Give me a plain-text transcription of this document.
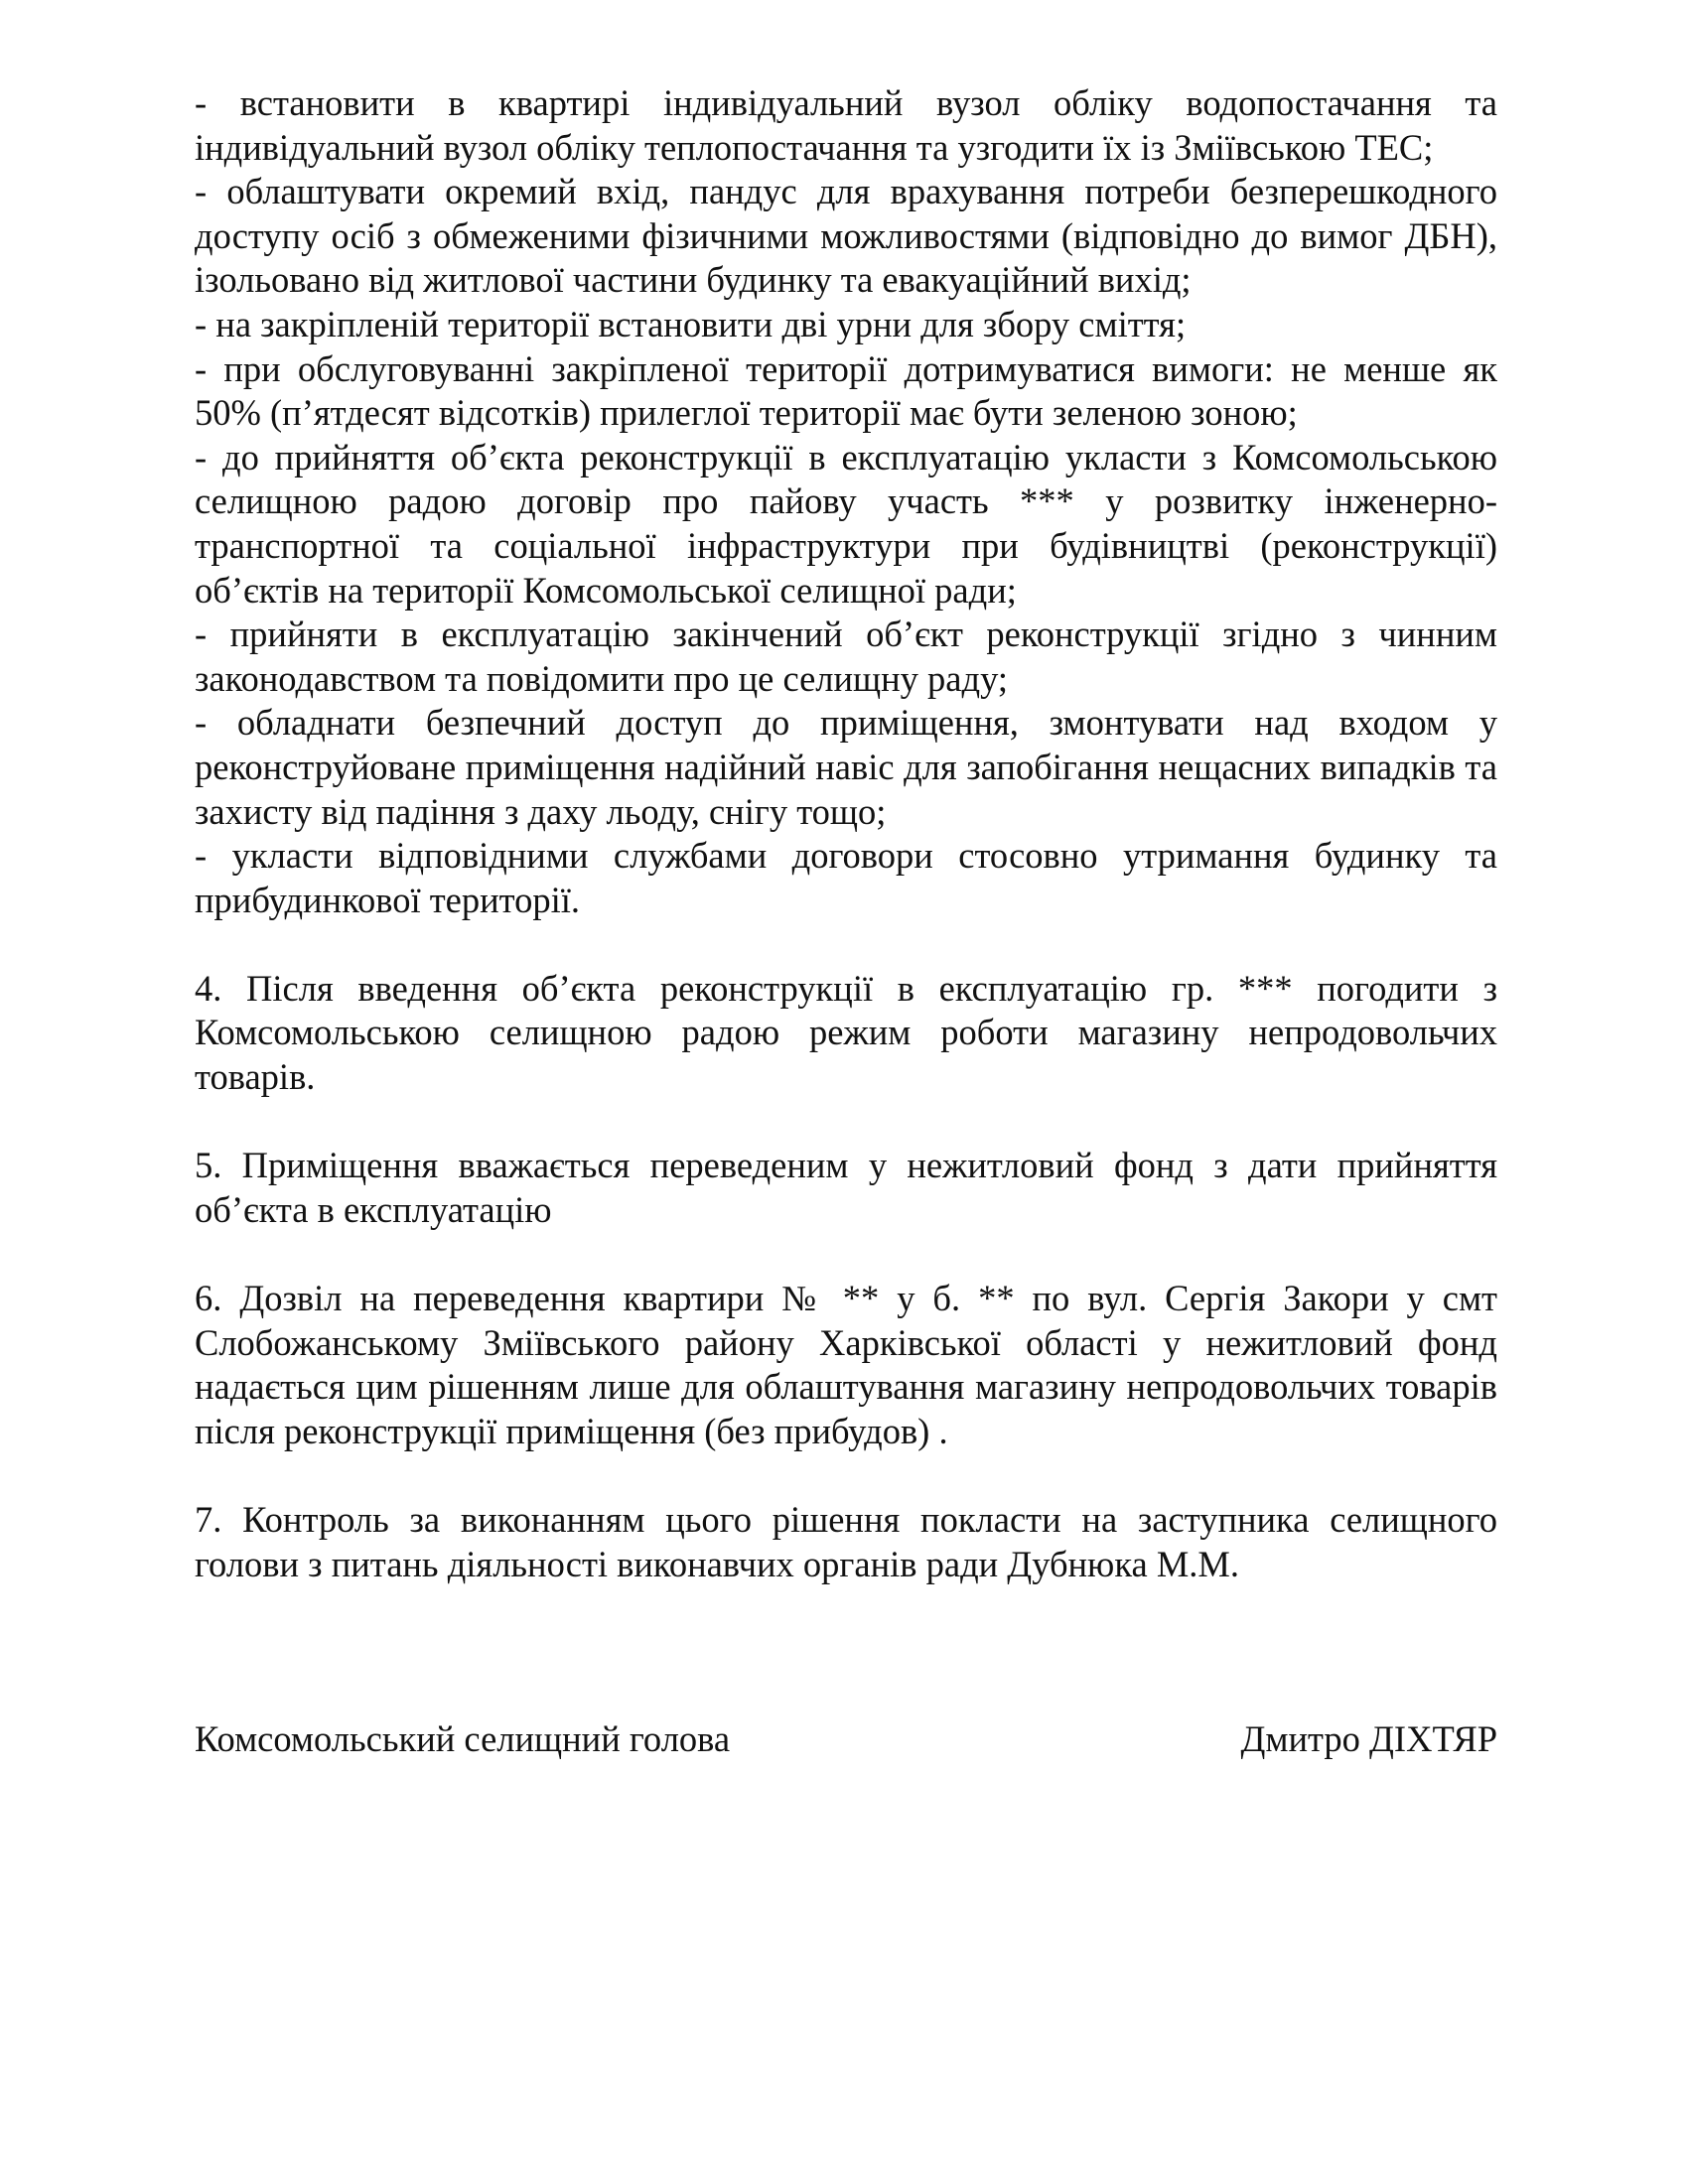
- встановити в квартирі індивідуальний вузол обліку водопостачання та індивідуальний вузол обліку теплопостачання та узгодити їх із Зміївською ТЕС;
- облаштувати окремий вхід, пандус для врахування потреби безперешкодного доступу осіб з обмеженими фізичними можливостями (відповідно до вимог ДБН), ізольовано від житлової частини будинку та евакуаційний вихід;
- на закріпленій території встановити дві урни для збору сміття;
- при обслуговуванні закріпленої території дотримуватися вимоги: не менше як 50% (п’ятдесят відсотків) прилеглої території має бути зеленою зоною;
- до прийняття об’єкта реконструкції в експлуатацію укласти з Комсомольською селищною радою договір про пайову участь *** у розвитку інженерно-транспортної та соціальної інфраструктури при будівництві (реконструкції) об’єктів на території Комсомольської селищної ради;
- прийняти в експлуатацію закінчений об’єкт реконструкції згідно з чинним законодавством та повідомити про це селищну раду;
- обладнати безпечний доступ до приміщення, змонтувати над входом у реконструйоване приміщення надійний навіс для запобігання нещасних випадків та захисту від падіння з даху льоду, снігу тощо;
- укласти відповідними службами договори стосовно утримання будинку та прибудинкової території.

4. Після введення об’єкта реконструкції в експлуатацію гр. *** погодити з Комсомольською селищною радою режим роботи магазину непродовольчих товарів.

5. Приміщення вважається переведеним у нежитловий фонд з дати прийняття об’єкта в експлуатацію

6. Дозвіл на переведення квартири № ** у б. ** по вул. Сергія Закори у смт Слобожанському Зміївського району Харківської області у нежитловий фонд надається цим рішенням лише для облаштування магазину непродовольчих товарів після реконструкції приміщення (без прибудов) .

7. Контроль за виконанням цього рішення покласти на заступника селищного голови з питань діяльності виконавчих органів ради Дубнюка М.М.

Комсомольський селищний голова	Дмитро ДІХТЯР
